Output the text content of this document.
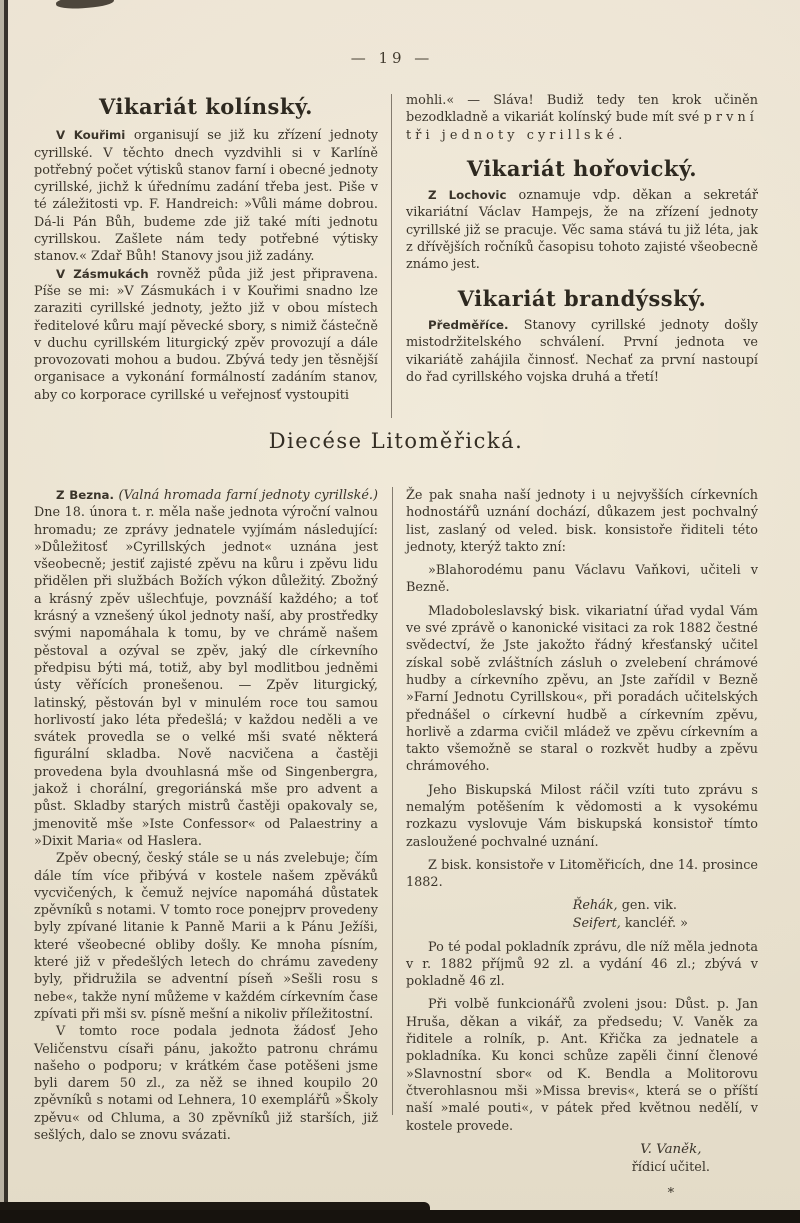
— 19 —
Vikariát kolínský.

V Kouřimi organisují se již ku zřízení jednoty cyrillské. V těchto dnech vyzdvihli si v Karlíně potřebný počet výtisků stanov farní i obecné jednoty cyrillské, jichž k úřednímu zadání třeba jest. Piše v té záležitosti vp. F. Handreich: »Vůli máme dobrou. Dá-li Pán Bůh, budeme zde již také míti jednotu cyrillskou. Zašlete nám tedy potřebné výtisky stanov.« Zdař Bůh! Stanovy jsou již zadány.

V Zásmukách rovněž půda již jest připravena. Píše se mi: »V Zásmukách i v Kouřimi snadno lze zaraziti cyrillské jednoty, ježto již v obou místech ředitelové kůru mají pěvecké sbory, s nimiž částečně v duchu cyrillském liturgický zpěv provozují a dále provozovati mohou a budou. Zbývá tedy jen těsnější organisace a vykonání formálností zadáním stanov, aby co korporace cyrillské u veřejnosť vystoupiti

mohli.« — Sláva! Budiž tedy ten krok učiněn bezodkladně a vikariát kolínský bude mít své první tři jednoty cyrillské.

Vikariát hořovický.

Z Lochovic oznamuje vdp. děkan a sekretář vikariátní Václav Hampejs, že na zřízení jednoty cyrillské již se pracuje. Věc sama stává tu již léta, jak z dřívějších ročníků časopisu tohoto zajisté všeobecně známo jest.

Vikariát brandýsský.

Předměříce. Stanovy cyrillské jednoty došly mistodržitelského schválení. První jednota ve vikariátě zahájila činnosť. Nechať za první nastoupí do řad cyrillského vojska druhá a třetí!

Diecése Litoměřická.

Z Bezna. (Valná hromada farní jednoty cyrillské.) Dne 18. února t. r. měla naše jednota výroční valnou hromadu; ze zprávy jednatele vyjímám následující: »Důležitosť »Cyrillských jednot« uznána jest všeobecně; jestiť zajisté zpěvu na kůru i zpěvu lidu přidělen při službách Božích výkon důležitý. Zbožný a krásný zpěv ušlechťuje, povznáší každého; a toť krásný a vznešený úkol jednoty naší, aby prostředky svými napomáhala k tomu, by ve chrámě našem pěstoval a ozýval se zpěv, jaký dle církevního předpisu býti má, totiž, aby byl modlitbou jedněmi ústy věřících pronešenou. — Zpěv liturgický, latinský, pěstován byl v minulém roce tou samou horlivostí jako léta předešlá; v každou neděli a ve svátek provedla se o velké mši svaté některá figurální skladba. Nově nacvičena a častěji provedena byla dvouhlasná mše od Singenbergra, jakož i chorální, gregoriánská mše pro advent a půst. Skladby starých mistrů častěji opakovaly se, jmenovitě mše »Iste Confessor« od Palaestriny a »Dixit Maria« od Haslera.

Zpěv obecný, český stále se u nás zvelebuje; čím dále tím více přibývá v kostele našem zpěváků vycvičených, k čemuž nejvíce napomáhá důstatek zpěvníků s notami. V tomto roce ponejprv provedeny byly zpívané litanie k Panně Marii a k Pánu Ježíši, které všeobecné obliby došly. Ke mnoha písním, které již v předešlých letech do chrámu zavedeny byly, přidružila se adventní píseň »Sešli rosu s nebe«, takže nyní můžeme v každém církevním čase zpívati při mši sv. písně mešní a nikoliv příležitostní.

V tomto roce podala jednota žádosť Jeho Veličenstvu císaři pánu, jakožto patronu chrámu našeho o podporu; v krátkém čase potěšeni jsme byli darem 50 zl., za něž se ihned koupilo 20 zpěvníků s notami od Lehnera, 10 exemplářů »Školy zpěvu« od Chluma, a 30 zpěvníků již starších, již sešlých, dalo se znovu svázati.

Že pak snaha naší jednoty i u nejvyšších církevních hodnostářů uznání dochází, důkazem jest pochvalný list, zaslaný od veled. bisk. konsistoře řiditeli této jednoty, kterýž takto zní:

»Blahorodému panu Václavu Vaňkovi, učiteli v Bezně.

Mladoboleslavský bisk. vikariatní úřad vydal Vám ve své zprávě o kanonické visitaci za rok 1882 čestné svědectví, že Jste jakožto řádný křesťanský učitel získal sobě zvláštních zásluh o zvelebení chrámové hudby a církevního zpěvu, an Jste zařídil v Bezně »Farní Jednotu Cyrillskou«, při poradách učitelských přednášel o církevní hudbě a církevním zpěvu, horlivě a zdarma cvičil mládež ve zpěvu církevním a takto všemožně se staral o rozkvět hudby a zpěvu chrámového.

Jeho Biskupská Milost ráčil vzíti tuto zprávu s nemalým potěšením k vědomosti a k vysokému rozkazu vyslovuje Vám biskupská konsistoř tímto zasloužené pochvalné uznání.

Z bisk. konsistoře v Litoměřicích, dne 14. prosince 1882.

Řehák, gen. vik.
Seifert, kancléř. »

Po té podal pokladník zprávu, dle níž měla jednota v r. 1882 příjmů 92 zl. a vydání 46 zl.; zbývá v pokladně 46 zl.

Při volbě funkcionářů zvoleni jsou: Důst. p. Jan Hruša, děkan a vikář, za předsedu; V. Vaněk za řiditele a rolník, p. Ant. Křička za jednatele a pokladníka. Ku konci schůze zapěli činní členové »Slavnostní sbor« od K. Bendla a Molitorovu čtverohlasnou mši »Missa brevis«, která se o příští naší »malé pouti«, v pátek před květnou nedělí, v kostele provede.

V. Vaněk,
řídicí učitel.
*
